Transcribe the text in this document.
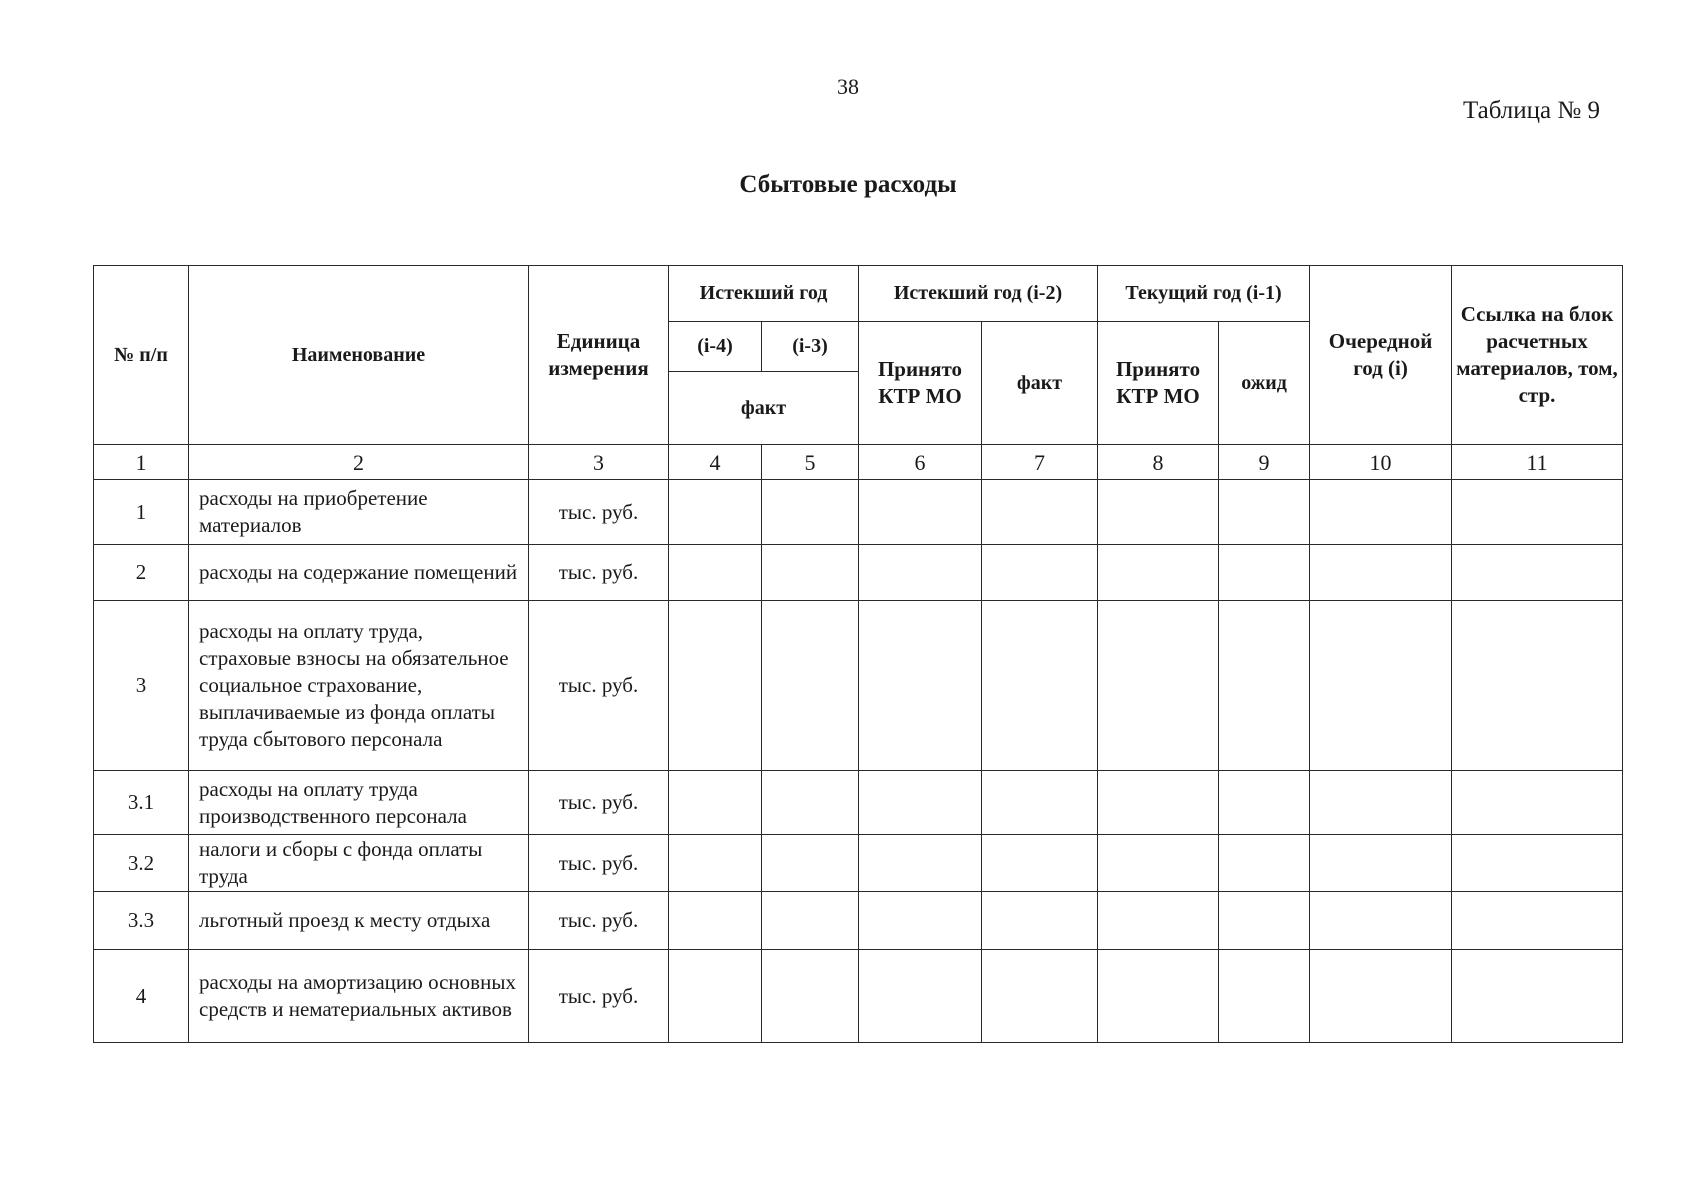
38
Таблица № 9
Сбытовые расходы
№ п/п	Наименование	Единица измерения	Истекший год		Истекший год (i-2)		Текущий год (i-1)		Очередной год (i)	Ссылка на блок расчетных материалов, том, стр.
			(i-4)	(i-3)	Принято КТР МО	факт	Принято КТР МО	ожид		
			факт							
1	2	3	4	5	6	7	8	9	10	11
1	расходы на приобретение материалов	тыс. руб.								
2	расходы на содержание помещений	тыс. руб.								
3	расходы на оплату труда, страховые взносы на обязательное социальное страхование, выплачиваемые из фонда оплаты труда сбытового персонала	тыс. руб.								
3.1	расходы на оплату труда производственного персонала	тыс. руб.								
3.2	налоги и сборы с фонда оплаты труда	тыс. руб.								
3.3	льготный проезд к месту отдыха	тыс. руб.								
4	расходы на амортизацию основных средств и нематериальных активов	тыс. руб.								
